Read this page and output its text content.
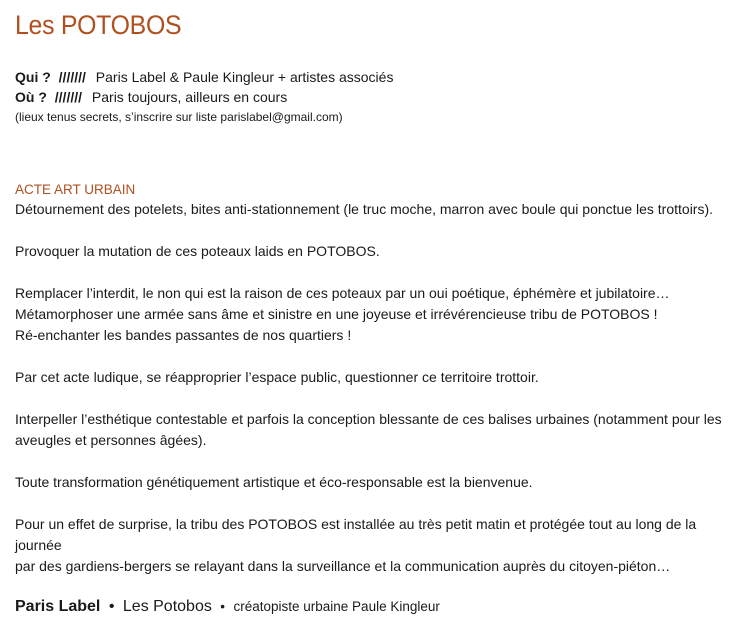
Les POTOBOS
Qui ? /////// Paris Label & Paule Kingleur + artistes associés
Où ? /////// Paris toujours, ailleurs en cours
(lieux tenus secrets, s’inscrire sur liste parislabel@gmail.com)
ACTE ART URBAIN

Détournement des potelets, bites anti-stationnement (le truc moche, marron avec boule qui ponctue les trottoirs).

Provoquer la mutation de ces poteaux laids en POTOBOS.

Remplacer l’interdit, le non qui est la raison de ces poteaux par un oui poétique, éphémère et jubilatoire…
Métamorphoser une armée sans âme et sinistre en une joyeuse et irrévérencieuse tribu de POTOBOS !
Ré-enchanter les bandes passantes de nos quartiers !

Par cet acte ludique, se réapproprier l’espace public, questionner ce territoire trottoir.

Interpeller l’esthétique contestable et parfois la conception blessante de ces balises urbaines (notamment pour les
aveugles et personnes âgées).

Toute transformation génétiquement artistique et éco-responsable est la bienvenue.

Pour un effet de surprise, la tribu des POTOBOS est installée au très petit matin et protégée tout au long de la journée
par des gardiens-bergers se relayant dans la surveillance et la communication auprès du citoyen-piéton…

Paris Label • Les Potobos • créatopiste urbaine Paule Kingleur
